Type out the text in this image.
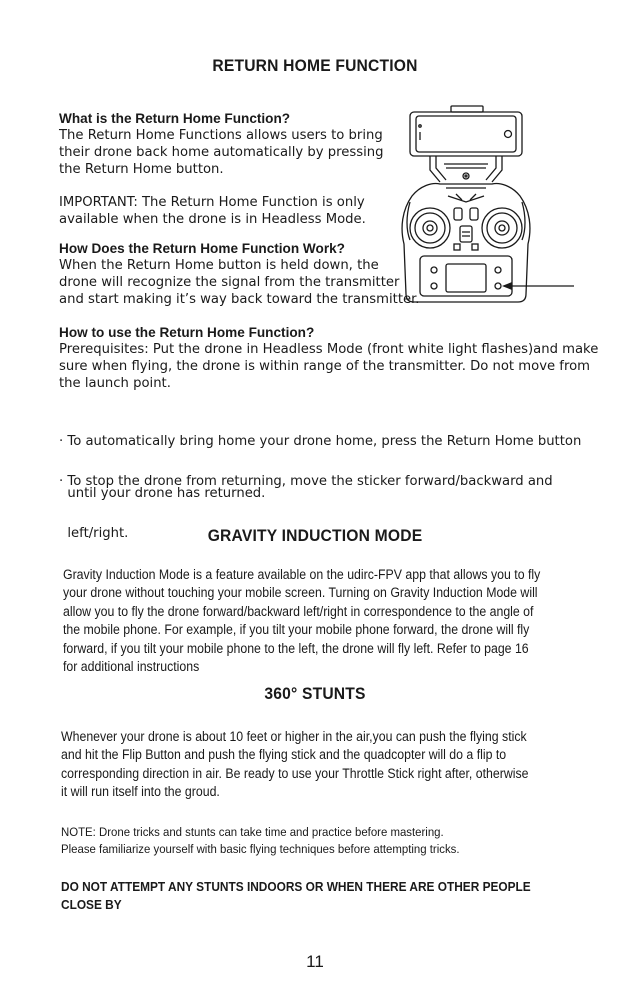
RETURN HOME FUNCTION
What is the Return Home Function?
The Return Home Functions allows users to bring
their drone back home automatically by pressing
the Return Home button.
IMPORTANT: The Return Home Function is only
available when the drone is in Headless Mode.
How Does the Return Home Function Work?
When the Return Home button is held down, the
drone will recognize the signal from the transmitter
and start making it’s way back toward the transmitter.
How to use the Return Home Function?
Prerequisites: Put the drone in Headless Mode (front white light flashes)and make
sure when flying, the drone is within range of the transmitter. Do not move from
the launch point.

· To automatically bring home your drone home, press the Return Home button

until your drone has returned.

· To stop the drone from returning, move the sticker forward/backward and

left/right.	GRAVITY INDUCTION MODE
Gravity Induction Mode is a feature available on the udirc-FPV app that allows you to fly
your drone without touching your mobile screen. Turning on Gravity Induction Mode will
allow you to fly the drone forward/backward left/right in correspondence to the angle of
the mobile phone. For example, if you tilt your mobile phone forward, the drone will fly
forward, if you tilt your mobile phone to the left, the drone will fly left. Refer to page 16
for additional instructions
360° STUNTS
Whenever your drone is about 10 feet or higher in the air,you can push the flying stick
and hit the Flip Button and push the flying stick and the quadcopter will do a flip to
corresponding direction in air. Be ready to use your Throttle Stick right after, otherwise
it will run itself into the groud.
NOTE: Drone tricks and stunts can take time and practice before mastering.
Please familiarize yourself with basic flying techniques before attempting tricks.
DO NOT ATTEMPT ANY STUNTS INDOORS OR WHEN THERE ARE OTHER PEOPLE
CLOSE BY
11
